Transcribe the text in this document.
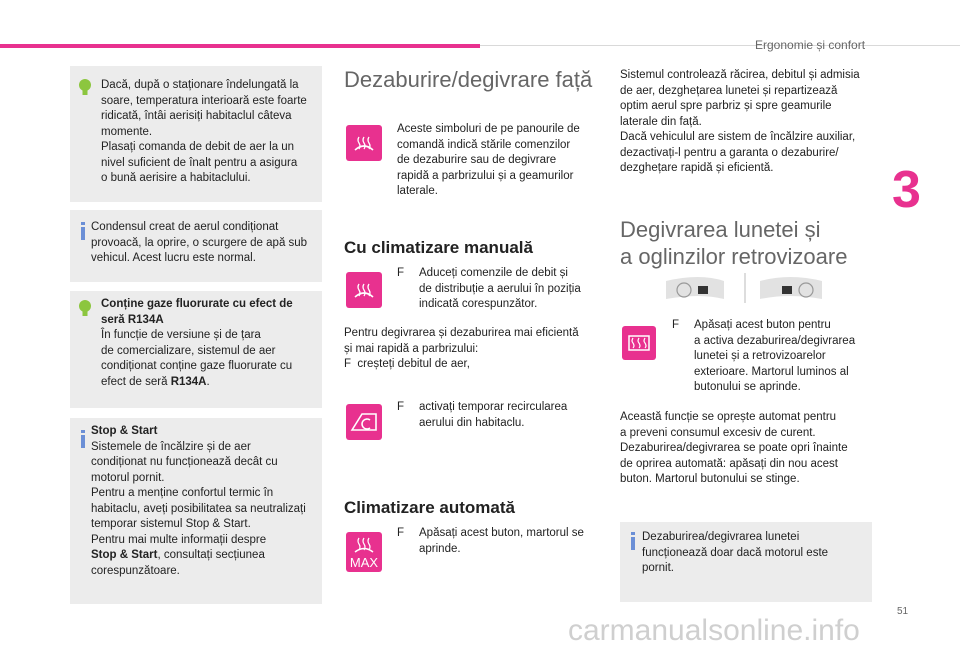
Ergonomie și confort
3
51

Dacă, după o staționare îndelungată la

soare, temperatura interioară este foarte

ridicată, întâi aerisiți habitaclul câteva

momente.

Plasați comanda de debit de aer la un

nivel suficient de înalt pentru a asigura

o bună aerisire a habitaclului.

Condensul creat de aerul condiționat

provoacă, la oprire, o scurgere de apă sub

vehicul. Acest lucru este normal.

Conține gaze fluorurate cu efect de

seră R134A

În funcție de versiune și de țara

de comercializare, sistemul de aer

condiționat conține gaze fluorurate cu

efect de seră R134A.

Stop & Start

Sistemele de încălzire și de aer

condiționat nu funcționează decât cu

motorul pornit.

Pentru a menține confortul termic în

habitaclu, aveți posibilitatea sa neutralizați

temporar sistemul Stop & Start.

Pentru mai multe informații despre

Stop & Start, consultați secțiunea

corespunzătoare.

Dezaburire/degivrare față

Aceste simboluri de pe panourile de

comandă indică stările comenzilor

de dezaburire sau de degivrare

rapidă a parbrizului și a geamurilor

laterale.

Cu climatizare manuală
F Aduceți comenzile de debit și

de distribuție a aerului în poziția

indicată corespunzător.

Pentru degivrarea și dezaburirea mai eficientă

și mai rapidă a parbrizului:

F creșteți debitul de aer,

F activați temporar recircularea

aerului din habitaclu.

Climatizare automată
MAX
F Apăsați acest buton, martorul se

aprinde.

Sistemul controlează răcirea, debitul și admisia

de aer, dezghețarea lunetei și repartizează

optim aerul spre parbriz și spre geamurile

laterale din față.

Dacă vehiculul are sistem de încălzire auxiliar,

dezactivați-l pentru a garanta o dezaburire/

dezghețare rapidă și eficientă.

Degivrarea lunetei și
a oglinzilor retrovizoare
F Apăsați acest buton pentru

a activa dezaburirea/degivrarea

lunetei și a retrovizoarelor

exterioare. Martorul luminos al

butonului se aprinde.

Această funcție se oprește automat pentru

a preveni consumul excesiv de curent.

Dezaburirea/degivrarea se poate opri înainte

de oprirea automată: apăsați din nou acest

buton. Martorul butonului se stinge.

Dezaburirea/degivrarea lunetei

funcționează doar dacă motorul este

pornit.

carmanualsonline.info
